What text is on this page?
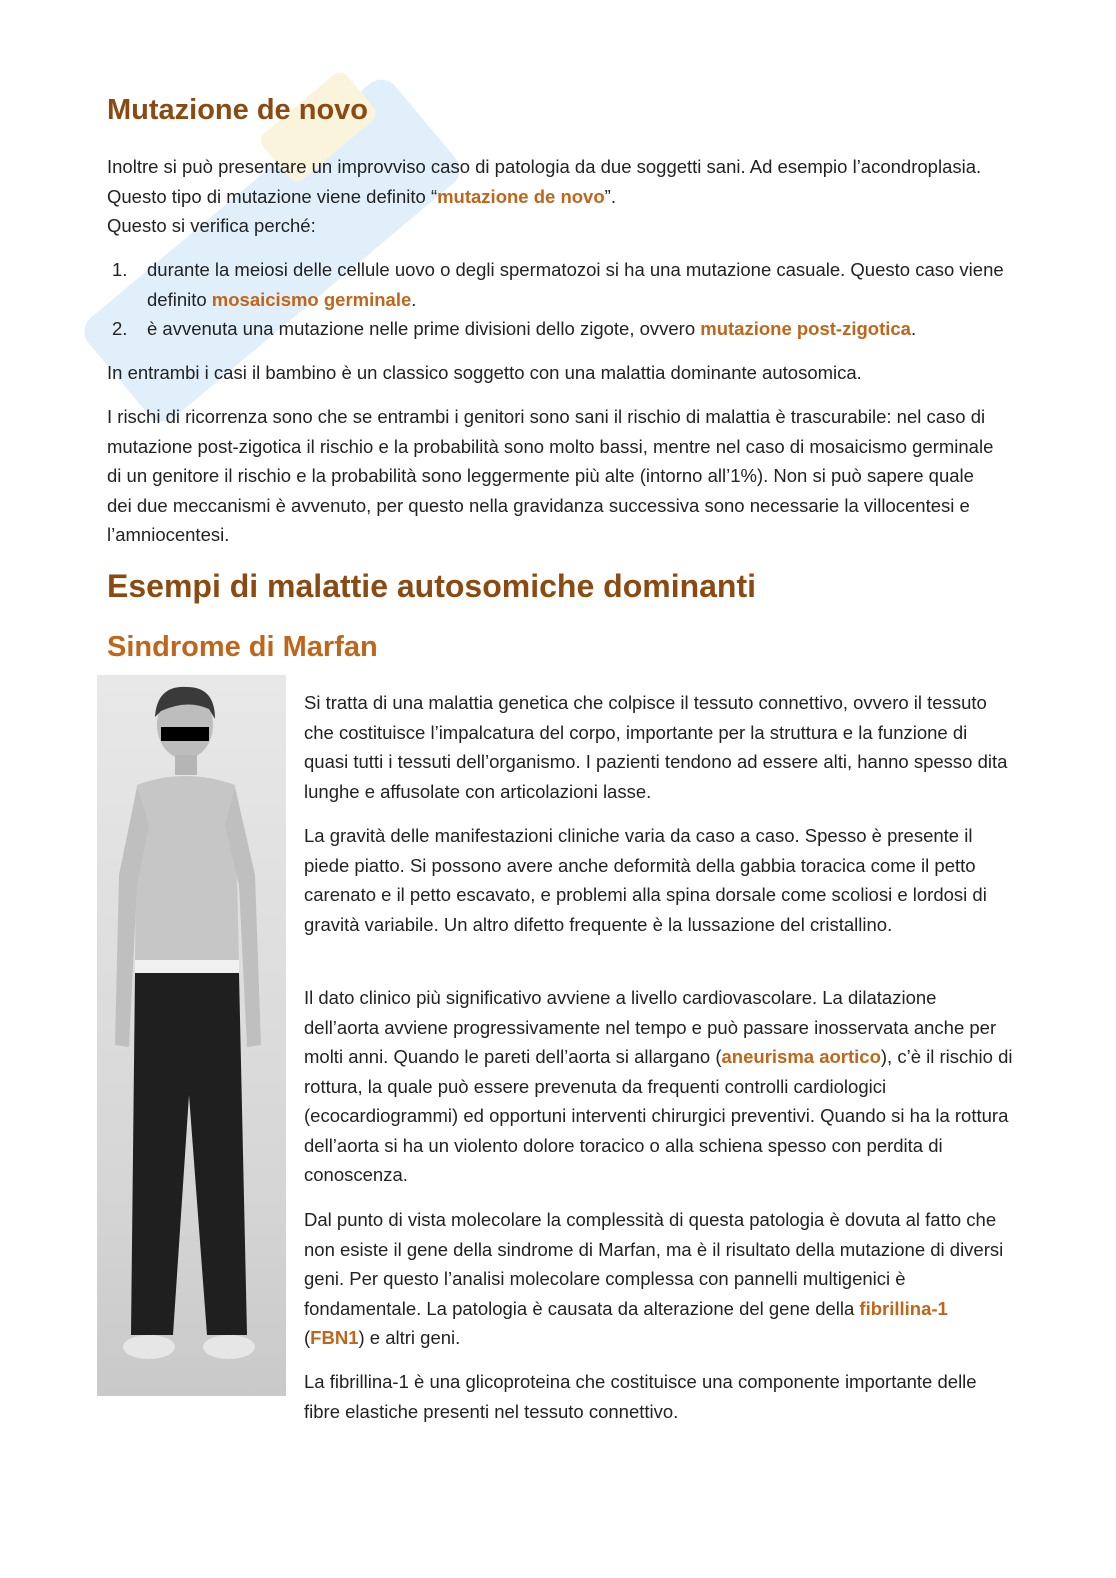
Mutazione de novo

Inoltre si può presentare un improvviso caso di patologia da due soggetti sani. Ad esempio l’acondroplasia. Questo tipo di mutazione viene definito “mutazione de novo”.
Questo si verifica perché:

1. durante la meiosi delle cellule uovo o degli spermatozoi si ha una mutazione casuale. Questo caso viene definito mosaicismo germinale.
2. è avvenuta una mutazione nelle prime divisioni dello zigote, ovvero mutazione post-zigotica.

In entrambi i casi il bambino è un classico soggetto con una malattia dominante autosomica.

I rischi di ricorrenza sono che se entrambi i genitori sono sani il rischio di malattia è trascurabile: nel caso di mutazione post-zigotica il rischio e la probabilità sono molto bassi, mentre nel caso di mosaicismo germinale di un genitore il rischio e la probabilità sono leggermente più alte (intorno all’1%). Non si può sapere quale dei due meccanismi è avvenuto, per questo nella gravidanza successiva sono necessarie la villocentesi e l’amniocentesi.

Esempi di malattie autosomiche dominanti
Sindrome di Marfan

Si tratta di una malattia genetica che colpisce il tessuto connettivo, ovvero il tessuto che costituisce l’impalcatura del corpo, importante per la struttura e la funzione di quasi tutti i tessuti dell’organismo. I pazienti tendono ad essere alti, hanno spesso dita lunghe e affusolate con articolazioni lasse.

La gravità delle manifestazioni cliniche varia da caso a caso. Spesso è presente il piede piatto. Si possono avere anche deformità della gabbia toracica come il petto carenato e il petto escavato, e problemi alla spina dorsale come scoliosi e lordosi di gravità variabile. Un altro difetto frequente è la lussazione del cristallino.

Il dato clinico più significativo avviene a livello cardiovascolare. La dilatazione dell’aorta avviene progressivamente nel tempo e può passare inosservata anche per molti anni. Quando le pareti dell’aorta si allargano (aneurisma aortico), c’è il rischio di rottura, la quale può essere prevenuta da frequenti controlli cardiologici (ecocardiogrammi) ed opportuni interventi chirurgici preventivi. Quando si ha la rottura dell’aorta si ha un violento dolore toracico o alla schiena spesso con perdita di conoscenza.

Dal punto di vista molecolare la complessità di questa patologia è dovuta al fatto che non esiste il gene della sindrome di Marfan, ma è il risultato della mutazione di diversi geni. Per questo l’analisi molecolare complessa con pannelli multigenici è fondamentale. La patologia è causata da alterazione del gene della fibrillina-1 (FBN1) e altri geni.

La fibrillina-1 è una glicoproteina che costituisce una componente importante delle fibre elastiche presenti nel tessuto connettivo.
